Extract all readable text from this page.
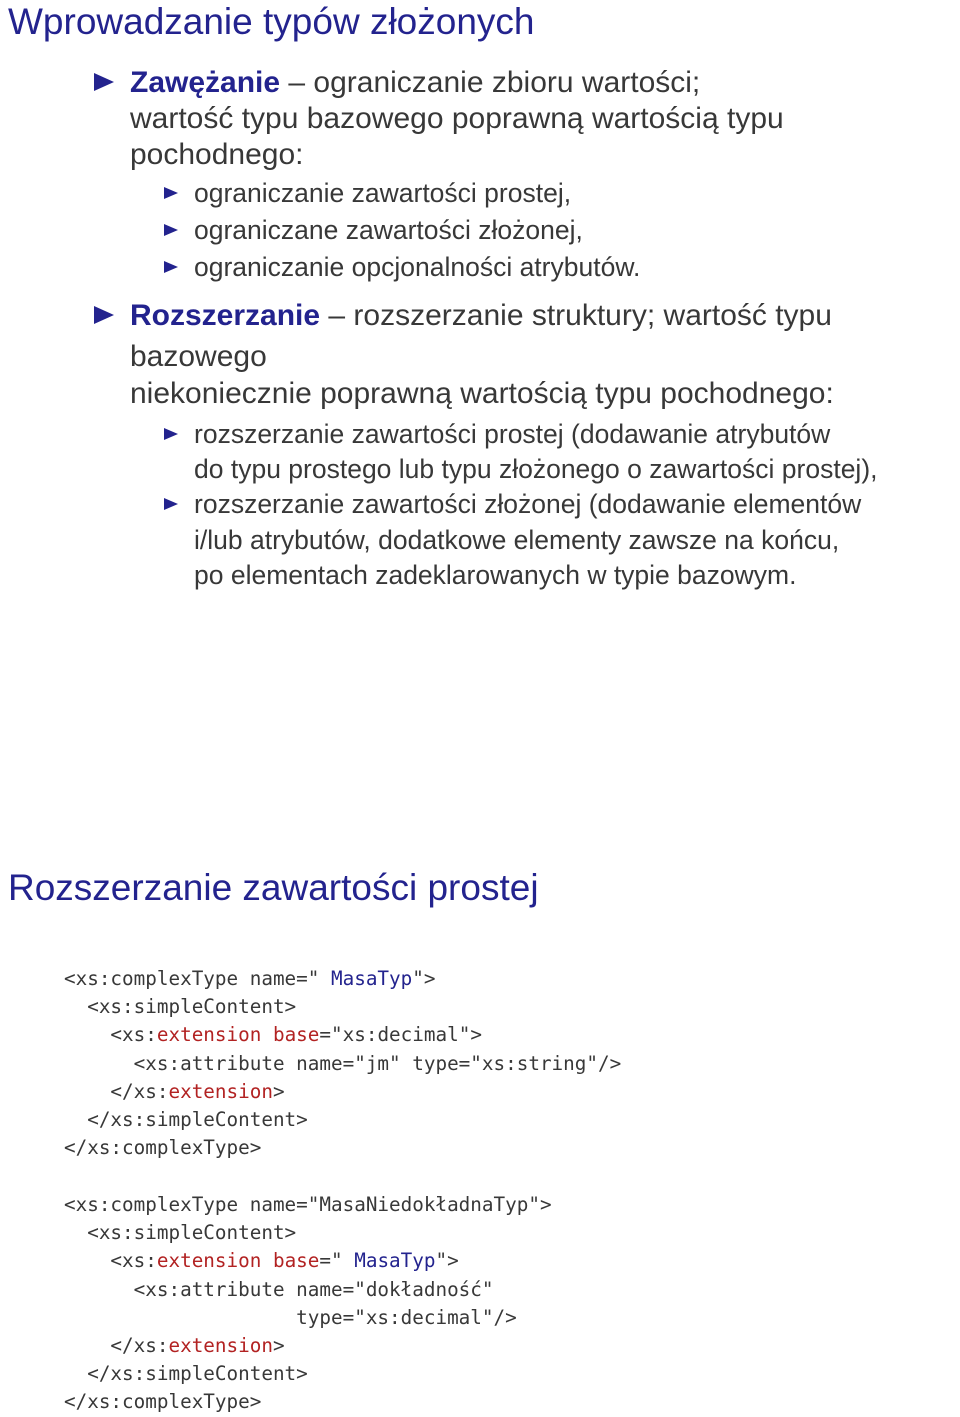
Wprowadzanie typów złożonych

Zawężanie – ograniczanie zbioru wartości;

wartość typu bazowego poprawną wartością typu

pochodnego:

ograniczanie zawartości prostej,

ograniczane zawartości złożonej,

ograniczanie opcjonalności atrybutów.

Rozszerzanie – rozszerzanie struktury; wartość typu

bazowego

niekoniecznie poprawną wartością typu pochodnego:

rozszerzanie zawartości prostej (dodawanie atrybutów

do typu prostego lub typu złożonego o zawartości prostej),

rozszerzanie zawartości złożonej (dodawanie elementów

i/lub atrybutów, dodatkowe elementy zawsze na końcu,

po elementach zadeklarowanych w typie bazowym.

Rozszerzanie zawartości prostej
<xs:complexType name=" MasaTyp">
<xs:simpleContent>
<xs:extension base="xs:decimal">
<xs:attribute name="jm" type="xs:string"/>
</xs:extension>
</xs:simpleContent>
</xs:complexType>
<xs:complexType name="MasaNiedokładnaTyp">
<xs:simpleContent>
<xs:extension base=" MasaTyp">
<xs:attribute name="dokładność"
type="xs:decimal"/>
</xs:extension>
</xs:simpleContent>
</xs:complexType>
